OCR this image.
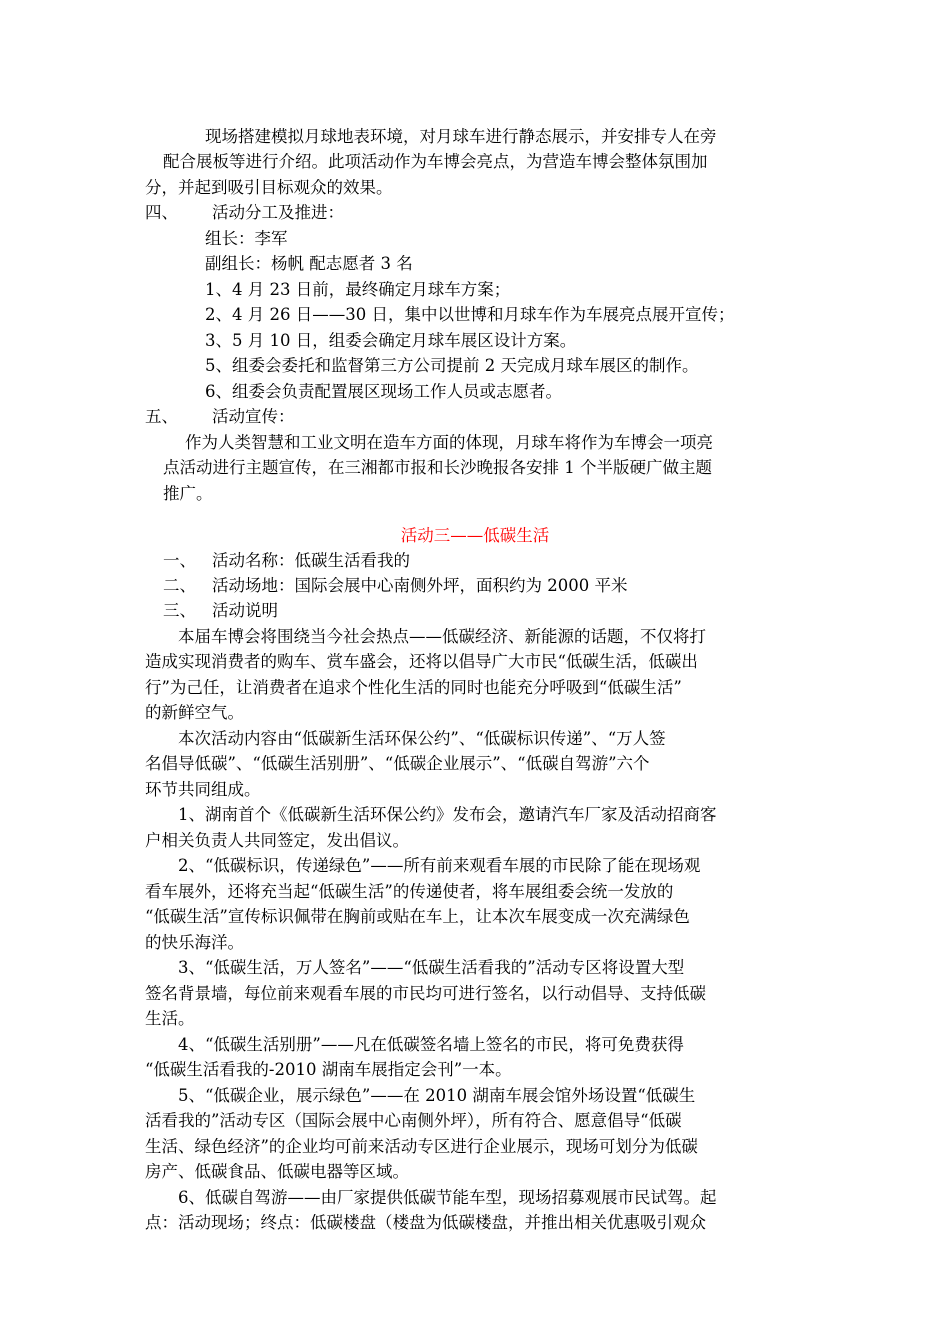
现场搭建模拟月球地表环境，对月球车进行静态展示，并安排专人在旁
配合展板等进行介绍。此项活动作为车博会亮点，为营造车博会整体氛围加
分，并起到吸引目标观众的效果。
四、 活动分工及推进：
组长：李军
副组长：杨帆 配志愿者 3 名
1、4 月 23 日前，最终确定月球车方案；
2、4 月 26 日——30 日，集中以世博和月球车作为车展亮点展开宣传；
3、5 月 10 日，组委会确定月球车展区设计方案。
5、组委会委托和监督第三方公司提前 2 天完成月球车展区的制作。
6、组委会负责配置展区现场工作人员或志愿者。
五、 活动宣传：
作为人类智慧和工业文明在造车方面的体现，月球车将作为车博会一项亮
点活动进行主题宣传，在三湘都市报和长沙晚报各安排 1 个半版硬广做主题
推广。
活动三——低碳生活
一、 活动名称：低碳生活看我的
二、 活动场地：国际会展中心南侧外坪，面积约为 2000 平米
三、 活动说明
本届车博会将围绕当今社会热点——低碳经济、新能源的话题，不仅将打
造成实现消费者的购车、赏车盛会，还将以倡导广大市民“低碳生活，低碳出
行”为己任，让消费者在追求个性化生活的同时也能充分呼吸到“低碳生活”
的新鲜空气。
本次活动内容由“低碳新生活环保公约”、“低碳标识传递”、“万人签
名倡导低碳”、“低碳生活别册”、“低碳企业展示”、“低碳自驾游”六个
环节共同组成。
1、湖南首个《低碳新生活环保公约》发布会，邀请汽车厂家及活动招商客
户相关负责人共同签定，发出倡议。
2、“低碳标识，传递绿色”——所有前来观看车展的市民除了能在现场观
看车展外，还将充当起“低碳生活”的传递使者，将车展组委会统一发放的
“低碳生活”宣传标识佩带在胸前或贴在车上，让本次车展变成一次充满绿色
的快乐海洋。
3、“低碳生活，万人签名”——“低碳生活看我的”活动专区将设置大型
签名背景墙，每位前来观看车展的市民均可进行签名，以行动倡导、支持低碳
生活。
4、“低碳生活别册”——凡在低碳签名墙上签名的市民，将可免费获得
“低碳生活看我的-2010 湖南车展指定会刊”一本。
5、“低碳企业，展示绿色”——在 2010 湖南车展会馆外场设置“低碳生
活看我的”活动专区（国际会展中心南侧外坪），所有符合、愿意倡导“低碳
生活、绿色经济”的企业均可前来活动专区进行企业展示，现场可划分为低碳
房产、低碳食品、低碳电器等区域。
6、低碳自驾游——由厂家提供低碳节能车型，现场招募观展市民试驾。起
点：活动现场；终点：低碳楼盘（楼盘为低碳楼盘，并推出相关优惠吸引观众
